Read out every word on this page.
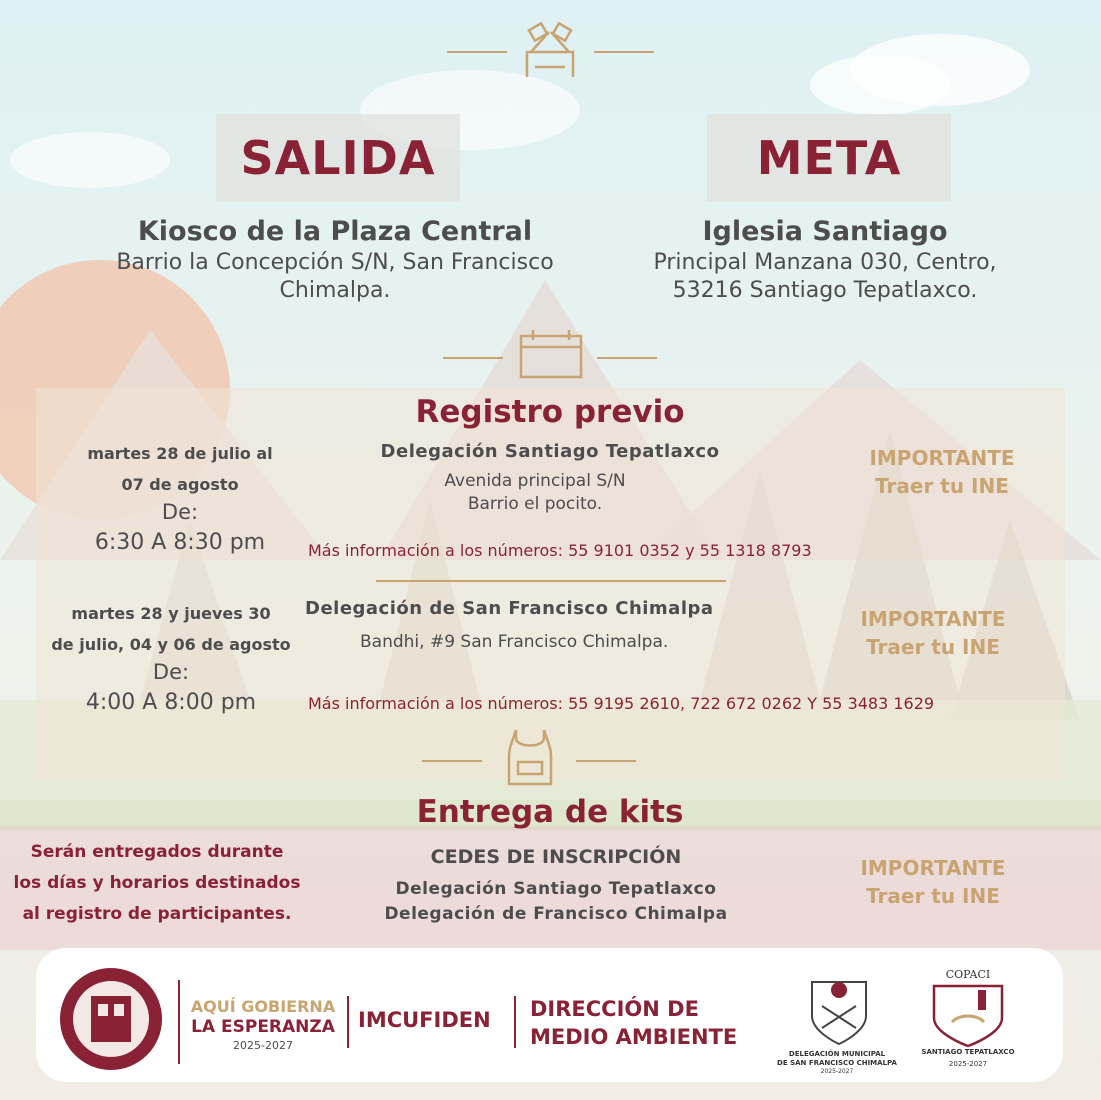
SALIDA
Kiosco de la Plaza Central
Barrio la Concepción S/N, San Francisco
Chimalpa.
META
Iglesia Santiago
Principal Manzana 030, Centro,
53216 Santiago Tepatlaxco.
Registro previo
martes 28 de julio al
07 de agosto
De:
6:30 A 8:30 pm
Delegación Santiago Tepatlaxco
Avenida principal S/N
Barrio el pocito.
IMPORTANTE
Traer tu INE
Más información a los números: 55 9101 0352 y 55 1318 8793
martes 28 y jueves 30
de julio, 04 y 06 de agosto
De:
4:00 A 8:00 pm
Delegación de San Francisco Chimalpa
Bandhi, #9 San Francisco Chimalpa.
IMPORTANTE
Traer tu INE
Más información a los números: 55 9195 2610, 722 672 0262 Y 55 3483 1629
Entrega de kits
Serán entregados durante
los días y horarios destinados
al registro de participantes.
CEDES DE INSCRIPCIÓN
Delegación Santiago Tepatlaxco
Delegación de Francisco Chimalpa
IMPORTANTE
Traer tu INE
AQUÍ GOBIERNA
LA ESPERANZA
2025-2027
IMCUFIDEN DIRECCIÓN DE
MEDIO AMBIENTE
DELEGACIÓN MUNICIPAL
DE SAN FRANCISCO CHIMALPA
2025-2027
COPACI
SANTIAGO TEPATLAXCO
2025-2027
